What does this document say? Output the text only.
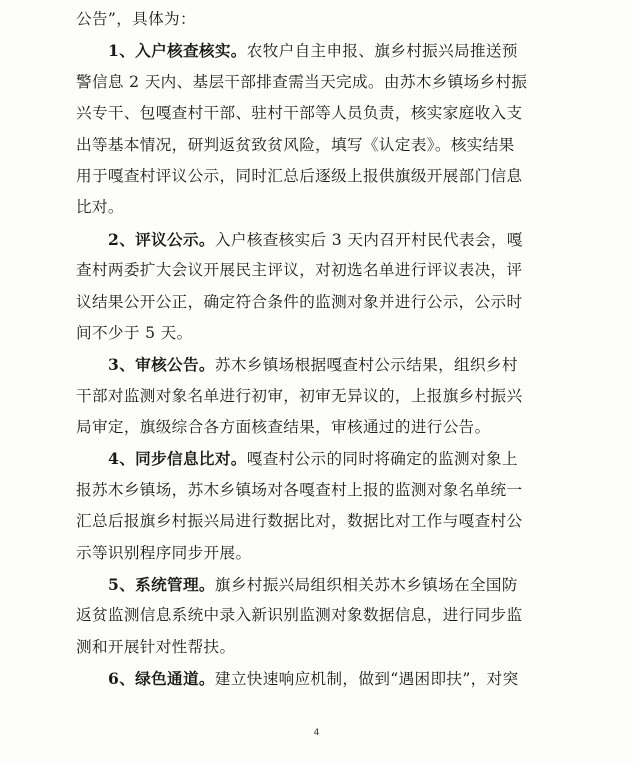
公告”，具体为：
1、入户核查核实。农牧户自主申报、旗乡村振兴局推送预
警信息 2 天内、基层干部排查需当天完成。由苏木乡镇场乡村振
兴专干、包嘎查村干部、驻村干部等人员负责，核实家庭收入支
出等基本情况，研判返贫致贫风险，填写《认定表》。核实结果
用于嘎查村评议公示，同时汇总后逐级上报供旗级开展部门信息
比对。
2、评议公示。入户核查核实后 3 天内召开村民代表会，嘎
查村两委扩大会议开展民主评议，对初选名单进行评议表决，评
议结果公开公正，确定符合条件的监测对象并进行公示，公示时
间不少于 5 天。
3、审核公告。苏木乡镇场根据嘎查村公示结果，组织乡村
干部对监测对象名单进行初审，初审无异议的，上报旗乡村振兴
局审定，旗级综合各方面核查结果，审核通过的进行公告。
4、同步信息比对。嘎查村公示的同时将确定的监测对象上
报苏木乡镇场，苏木乡镇场对各嘎查村上报的监测对象名单统一
汇总后报旗乡村振兴局进行数据比对，数据比对工作与嘎查村公
示等识别程序同步开展。
5、系统管理。旗乡村振兴局组织相关苏木乡镇场在全国防
返贫监测信息系统中录入新识别监测对象数据信息，进行同步监
测和开展针对性帮扶。
6、绿色通道。建立快速响应机制，做到“遇困即扶”，对突
4
